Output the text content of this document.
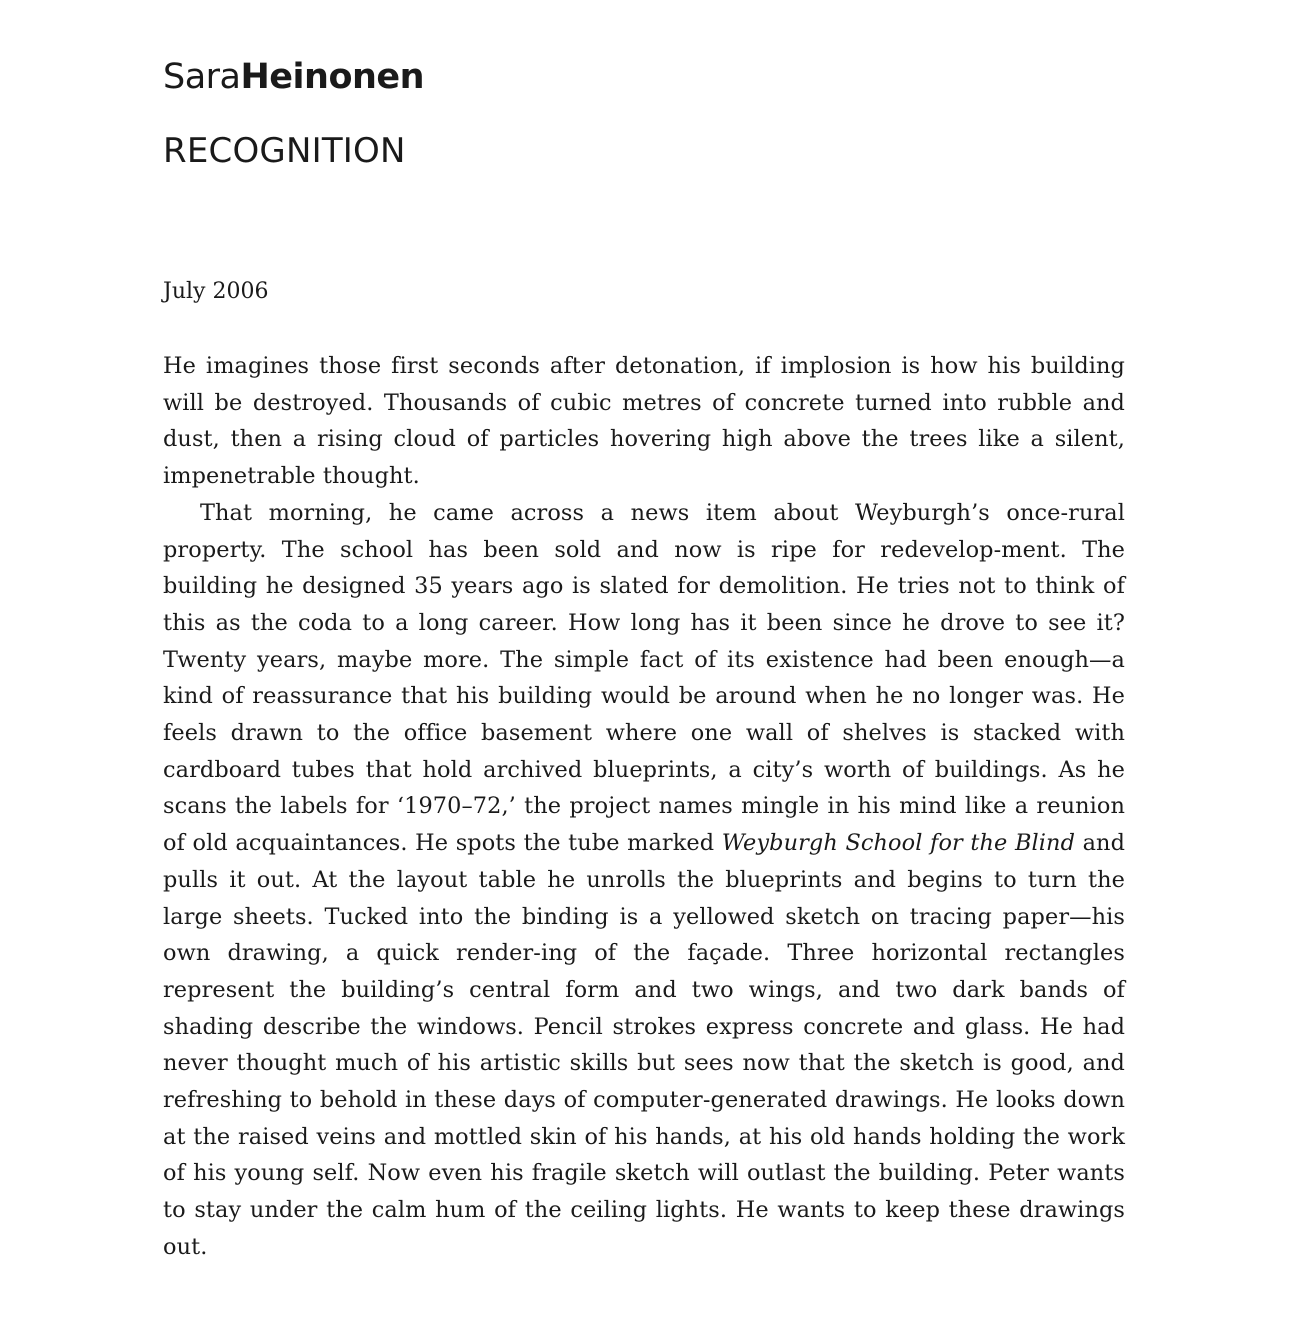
SaraHeinonen
RECOGNITION
July 2006

He imagines those first seconds after detonation, if implosion is how his building will be destroyed. Thousands of cubic metres of concrete turned into rubble and dust, then a rising cloud of particles hovering high above the trees like a silent, impenetrable thought.

That morning, he came across a news item about Weyburgh’s once-rural property. The school has been sold and now is ripe for redevelop-ment. The building he designed 35 years ago is slated for demolition. He tries not to think of this as the coda to a long career. How long has it been since he drove to see it? Twenty years, maybe more. The simple fact of its existence had been enough—a kind of reassurance that his building would be around when he no longer was. He feels drawn to the office basement where one wall of shelves is stacked with cardboard tubes that hold archived blueprints, a city’s worth of buildings. As he scans the labels for ‘1970–72,’ the project names mingle in his mind like a reunion of old acquaintances. He spots the tube marked Weyburgh School for the Blind and pulls it out. At the layout table he unrolls the blueprints and begins to turn the large sheets. Tucked into the binding is a yellowed sketch on tracing paper—his own drawing, a quick render-ing of the façade. Three horizontal rectangles represent the building’s central form and two wings, and two dark bands of shading describe the windows. Pencil strokes express concrete and glass. He had never thought much of his artistic skills but sees now that the sketch is good, and refreshing to behold in these days of computer-generated drawings. He looks down at the raised veins and mottled skin of his hands, at his old hands holding the work of his young self. Now even his fragile sketch will outlast the building. Peter wants to stay under the calm hum of the ceiling lights. He wants to keep these drawings out.
